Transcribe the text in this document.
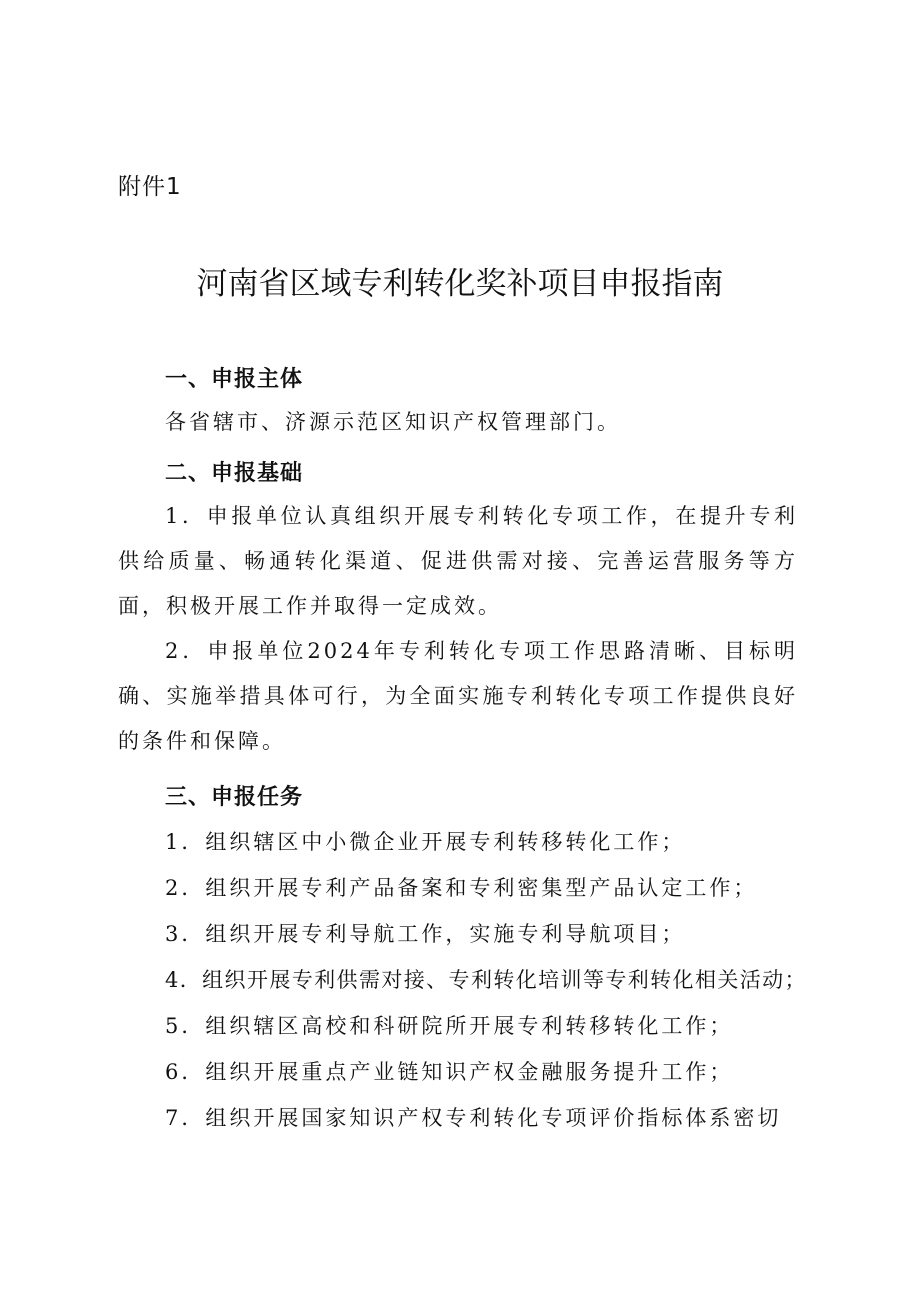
附件1
河南省区域专利转化奖补项目申报指南
一、申报主体
各省辖市、济源示范区知识产权管理部门。
二、申报基础

1．申报单位认真组织开展专利转化专项工作，在提升专利供给质量、畅通转化渠道、促进供需对接、完善运营服务等方面，积极开展工作并取得一定成效。

2．申报单位2024年专利转化专项工作思路清晰、目标明确、实施举措具体可行，为全面实施专利转化专项工作提供良好的条件和保障。

三、申报任务
1．组织辖区中小微企业开展专利转移转化工作；
2．组织开展专利产品备案和专利密集型产品认定工作；
3．组织开展专利导航工作，实施专利导航项目；
4．组织开展专利供需对接、专利转化培训等专利转化相关活动；
5．组织辖区高校和科研院所开展专利转移转化工作；
6．组织开展重点产业链知识产权金融服务提升工作；
7．组织开展国家知识产权专利转化专项评价指标体系密切
